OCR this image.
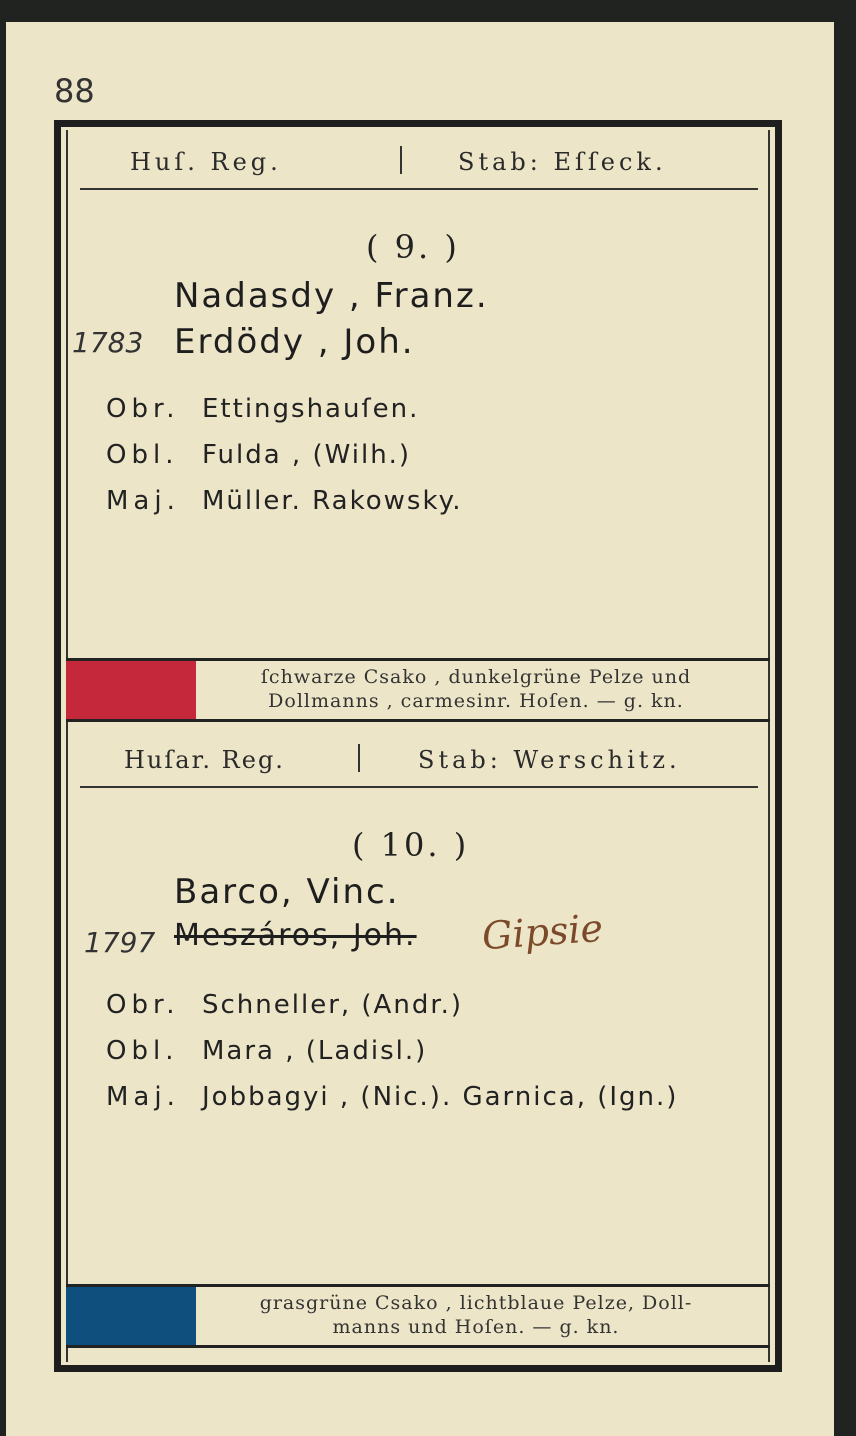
88
Huſ. Reg.	Stab: Eſſeck.
( 9. )
Nadasdy , Franz.
1783 Erdödy , Joh.
Obr. Ettingshauſen.
Obl. Fulda , (Wilh.)
Maj. Müller. Rakowsky.
ſchwarze Csako , dunkelgrüne Pelze und
Dollmanns , carmesinr. Hoſen. — g. kn.
Huſar. Reg.	Stab: Werschitz.
( 10. )
Barco, Vinc.
1797 Meszáros, Joh. Gipsie
Obr. Schneller, (Andr.)
Obl. Mara , (Ladisl.)
Maj. Jobbagyi , (Nic.). Garnica, (Ign.)
grasgrüne Csako , lichtblaue Pelze, Doll-
manns und Hoſen. — g. kn.
